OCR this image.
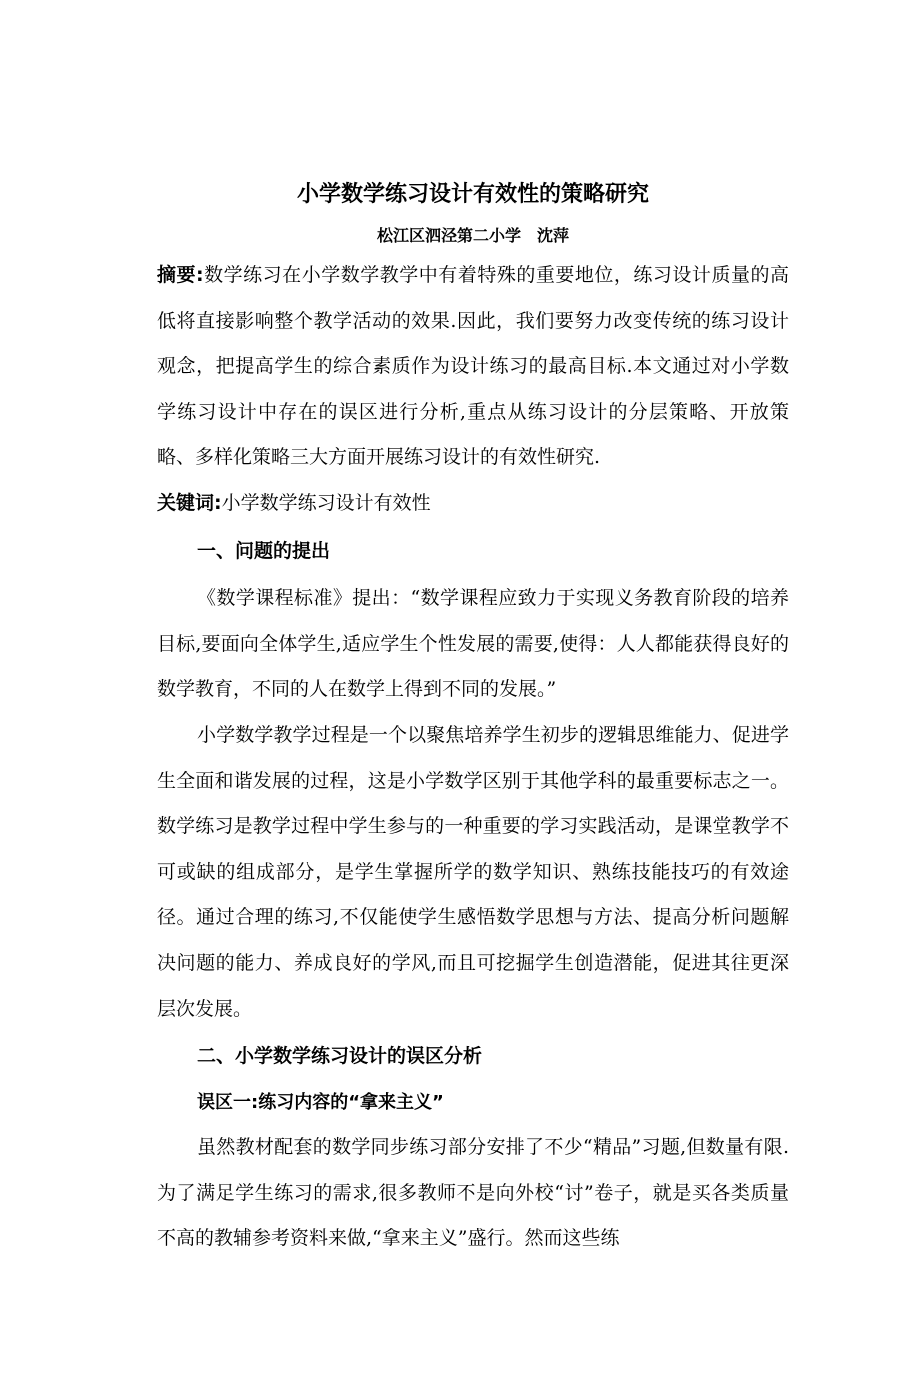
小学数学练习设计有效性的策略研究
松江区泗泾第二小学　沈萍

摘要:数学练习在小学数学教学中有着特殊的重要地位，练习设计质量的高低将直接影响整个教学活动的效果.因此，我们要努力改变传统的练习设计观念，把提高学生的综合素质作为设计练习的最高目标.本文通过对小学数学练习设计中存在的误区进行分析,重点从练习设计的分层策略、开放策略、多样化策略三大方面开展练习设计的有效性研究.

关键词:小学数学练习设计有效性

一、问题的提出

《数学课程标准》提出：“数学课程应致力于实现义务教育阶段的培养目标,要面向全体学生,适应学生个性发展的需要,使得：人人都能获得良好的数学教育，不同的人在数学上得到不同的发展。”

小学数学教学过程是一个以聚焦培养学生初步的逻辑思维能力、促进学生全面和谐发展的过程，这是小学数学区别于其他学科的最重要标志之一。数学练习是教学过程中学生参与的一种重要的学习实践活动，是课堂教学不可或缺的组成部分，是学生掌握所学的数学知识、熟练技能技巧的有效途径。通过合理的练习,不仅能使学生感悟数学思想与方法、提高分析问题解决问题的能力、养成良好的学风,而且可挖掘学生创造潜能，促进其往更深层次发展。

二、小学数学练习设计的误区分析
误区一:练习内容的“拿来主义”

虽然教材配套的数学同步练习部分安排了不少“精品”习题,但数量有限.为了满足学生练习的需求,很多教师不是向外校“讨”卷子，就是买各类质量不高的教辅参考资料来做,“拿来主义”盛行。然而这些练
